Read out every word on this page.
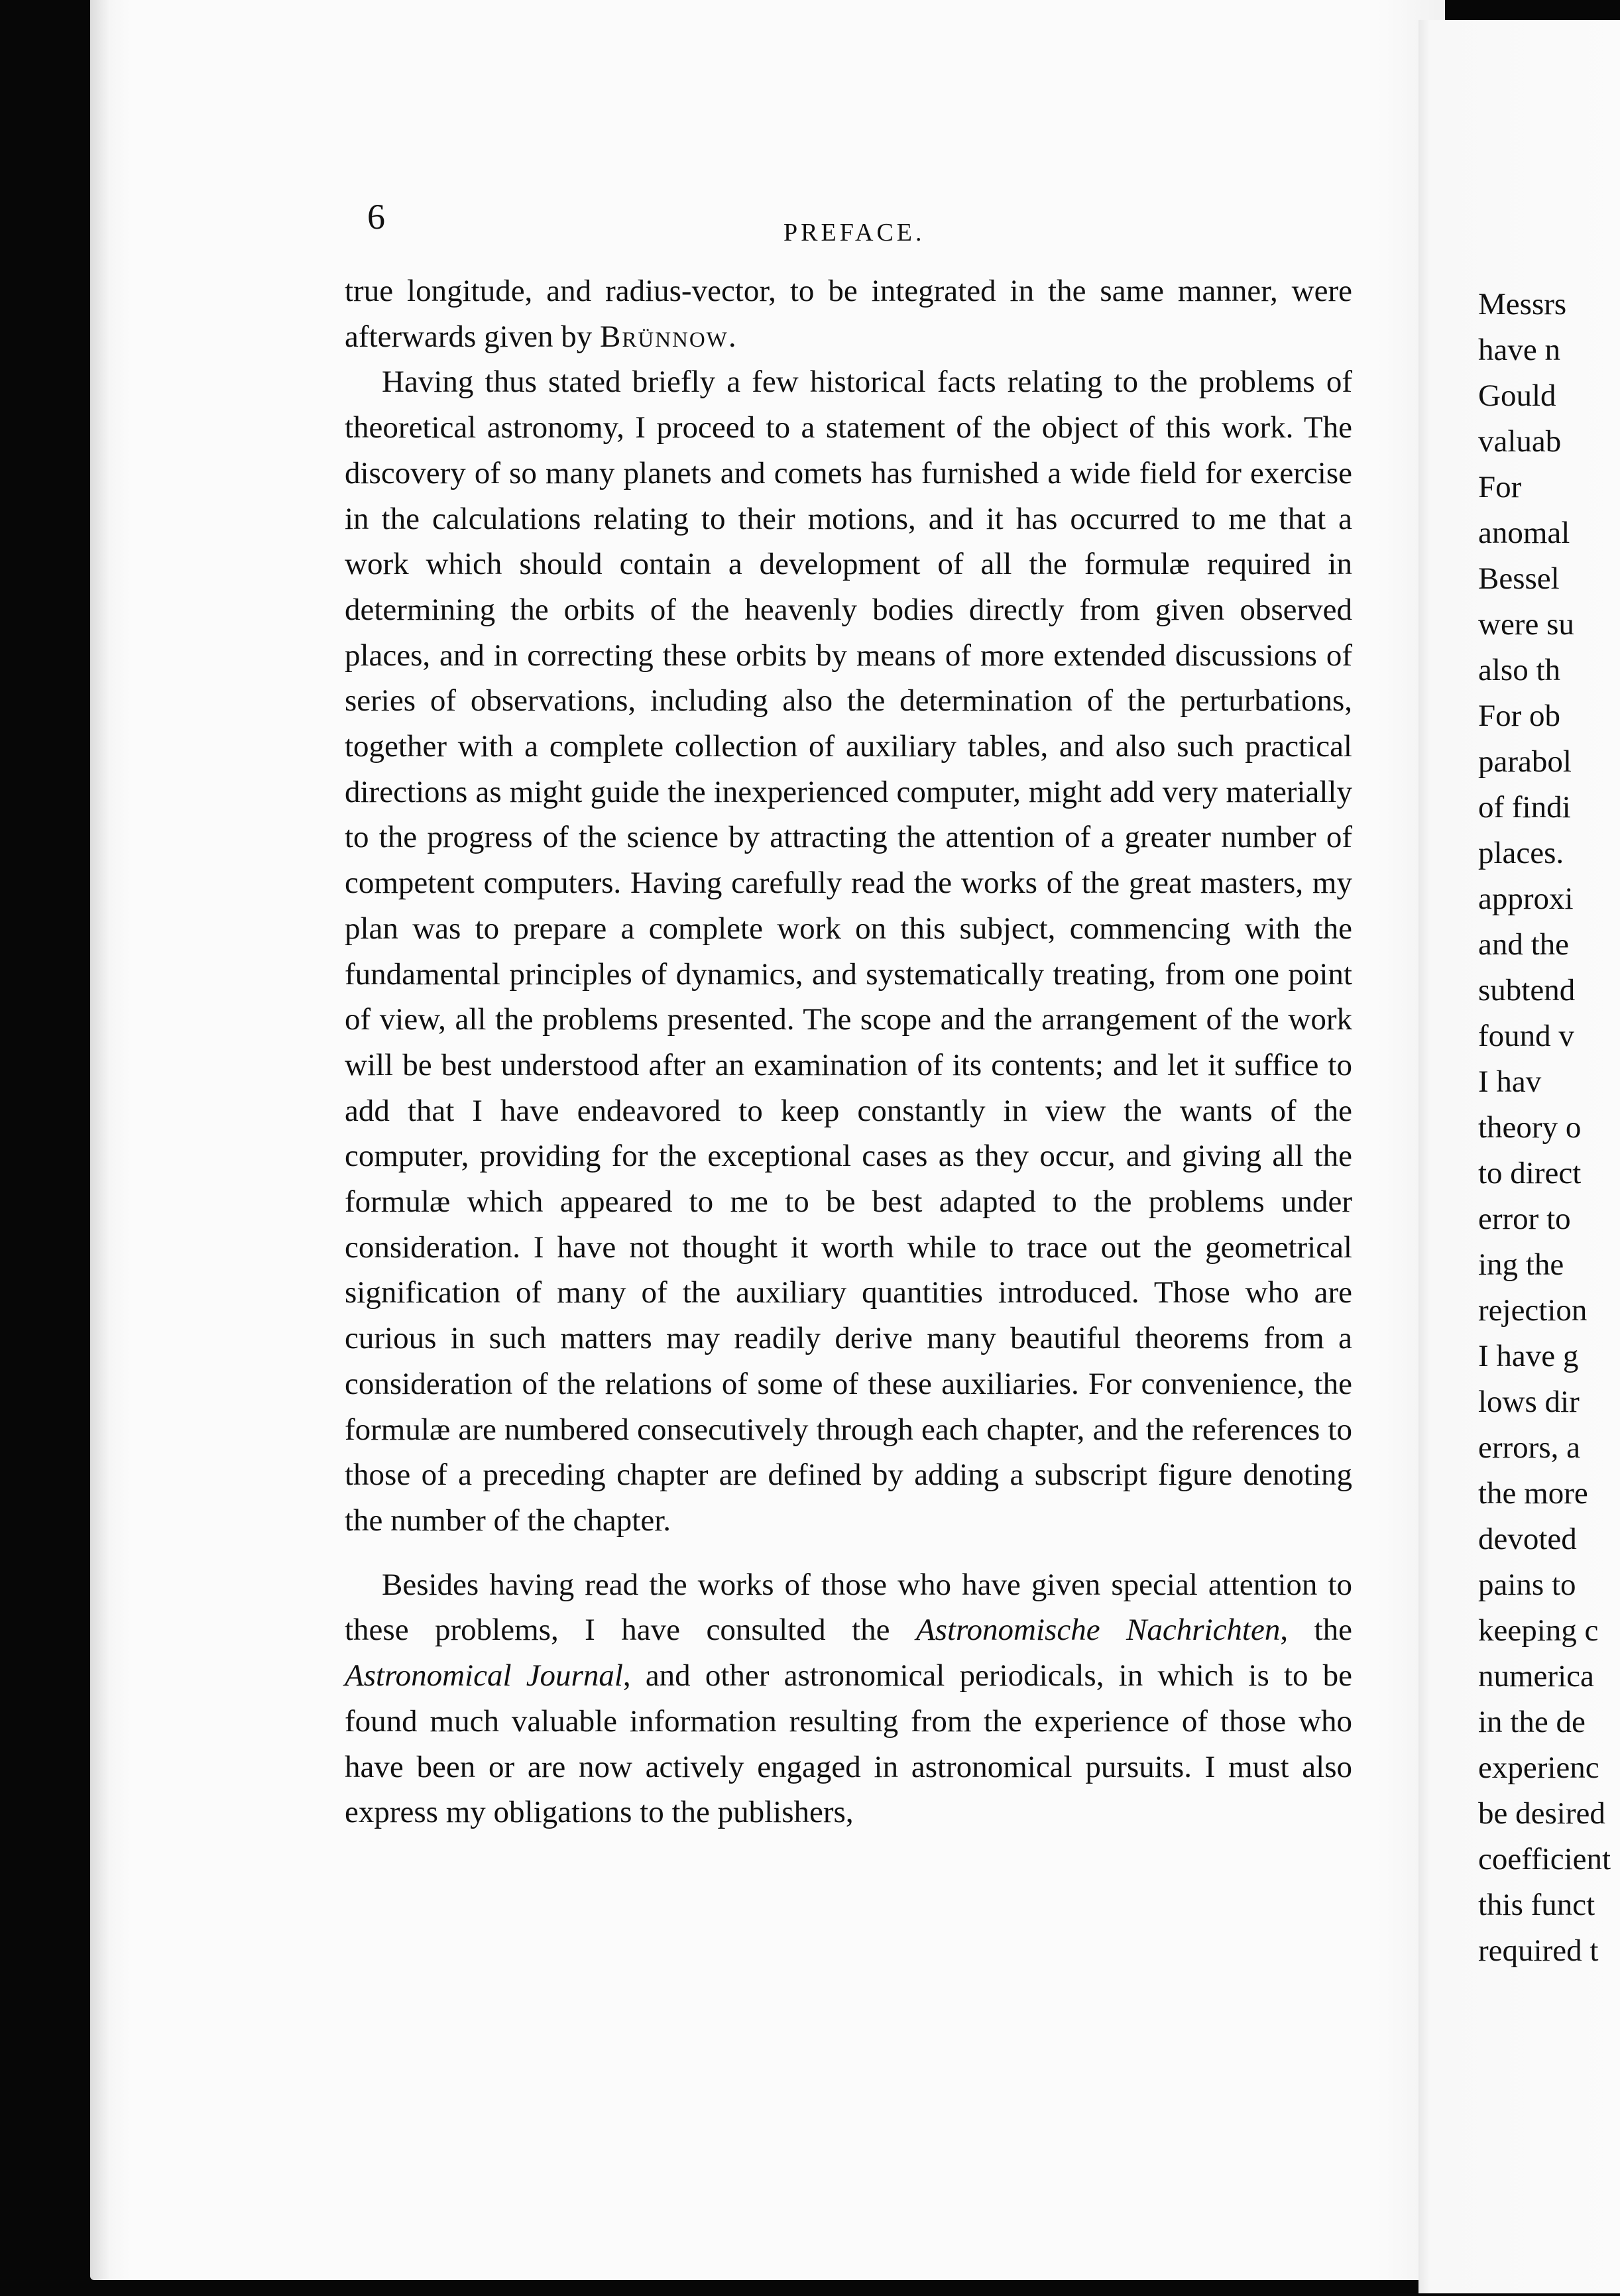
6	PREFACE.

true longitude, and radius-vector, to be integrated in the same manner, were afterwards given by Brünnow.

Having thus stated briefly a few historical facts relating to the problems of theoretical astronomy, I proceed to a statement of the object of this work. The discovery of so many planets and comets has furnished a wide field for exercise in the calculations relating to their motions, and it has occurred to me that a work which should contain a development of all the formulæ required in determining the orbits of the heavenly bodies directly from given observed places, and in correcting these orbits by means of more extended discussions of series of observations, including also the determination of the perturbations, together with a complete collection of auxiliary tables, and also such practical directions as might guide the inexperienced computer, might add very materially to the progress of the science by attracting the attention of a greater number of competent computers. Having carefully read the works of the great masters, my plan was to prepare a complete work on this subject, commencing with the fundamental principles of dynamics, and systematically treating, from one point of view, all the problems presented. The scope and the arrangement of the work will be best understood after an examination of its contents; and let it suffice to add that I have endeavored to keep constantly in view the wants of the computer, providing for the exceptional cases as they occur, and giving all the formulæ which appeared to me to be best adapted to the problems under consideration. I have not thought it worth while to trace out the geometrical signification of many of the auxiliary quantities introduced. Those who are curious in such matters may readily derive many beautiful theorems from a consideration of the relations of some of these auxiliaries. For convenience, the formulæ are numbered consecutively through each chapter, and the references to those of a preceding chapter are defined by adding a subscript figure denoting the number of the chapter.

Besides having read the works of those who have given special attention to these problems, I have consulted the Astronomische Nachrichten, the Astronomical Journal, and other astronomical periodicals, in which is to be found much valuable information resulting from the experience of those who have been or are now actively engaged in astronomical pursuits. I must also express my obligations to the publishers,

Messrs
have n
Gould
valuab
For
anomal
Bessel
were su
also th
For ob
parabol
of findi
places.
approxi
and the
subtend
found v
I hav
theory o
to direct
error to
ing the
rejection
I have g
lows dir
errors, a
the more
devoted
pains to
keeping c
numerica
in the de
experienc
be desired
coefficient
this funct
required t
